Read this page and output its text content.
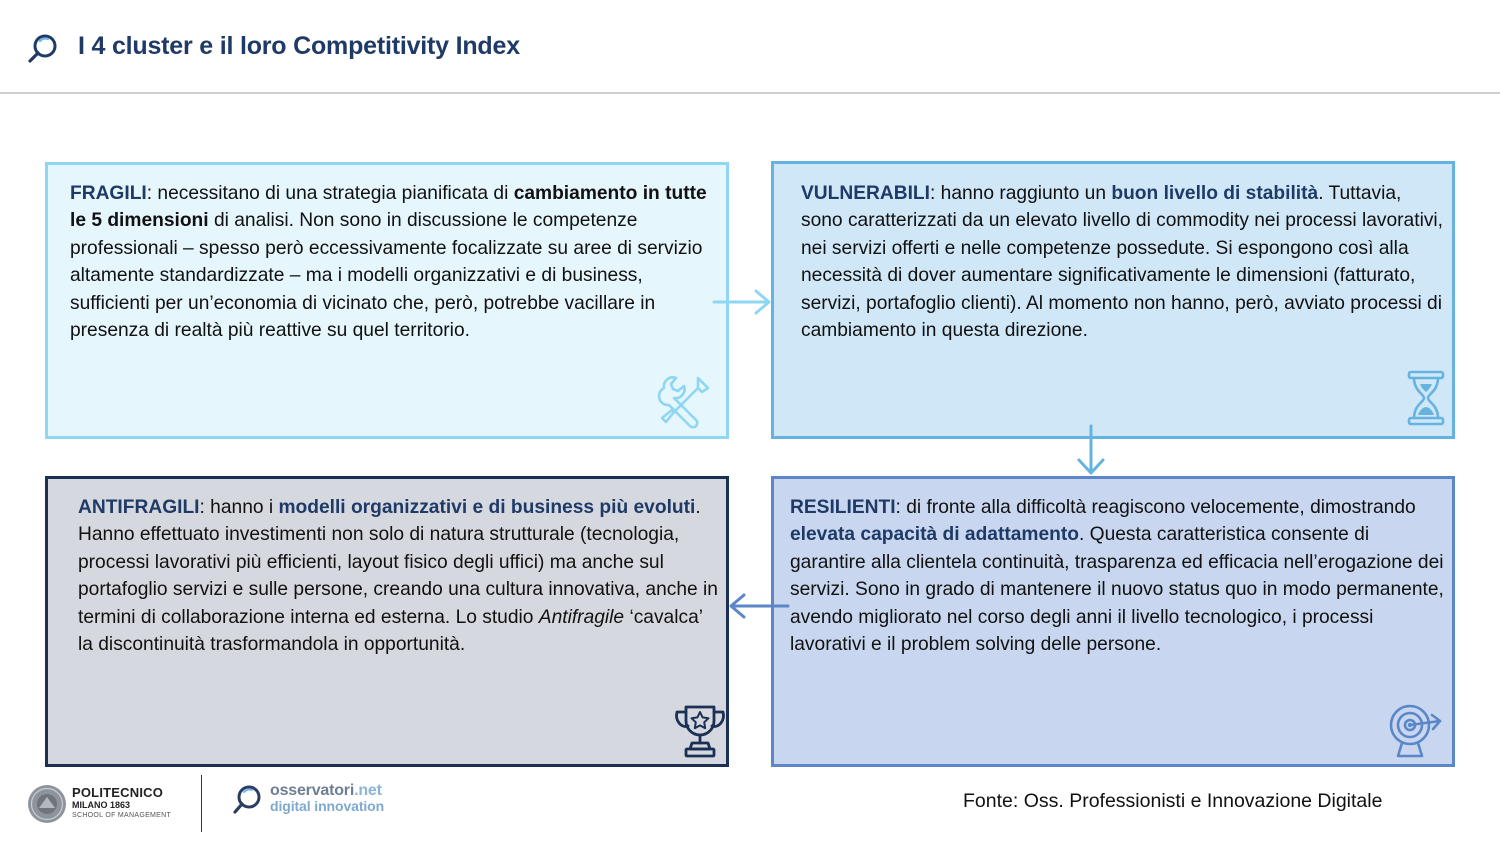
I 4 cluster e il loro Competitivity Index
FRAGILI: necessitano di una strategia pianificata di cambiamento in tutte le 5 dimensioni di analisi. Non sono in discussione le competenze professionali – spesso però eccessivamente focalizzate su aree di servizio altamente standardizzate – ma i modelli organizzativi e di business, sufficienti per un’economia di vicinato che, però, potrebbe vacillare in presenza di realtà più reattive su quel territorio.
VULNERABILI: hanno raggiunto un buon livello di stabilità. Tuttavia, sono caratterizzati da un elevato livello di commodity nei processi lavorativi, nei servizi offerti e nelle competenze possedute. Si espongono così alla necessità di dover aumentare significativamente le dimensioni (fatturato, servizi, portafoglio clienti). Al momento non hanno, però, avviato processi di cambiamento in questa direzione.
ANTIFRAGILI: hanno i modelli organizzativi e di business più evoluti. Hanno effettuato investimenti non solo di natura strutturale (tecnologia, processi lavorativi più efficienti, layout fisico degli uffici) ma anche sul portafoglio servizi e sulle persone, creando una cultura innovativa, anche in termini di collaborazione interna ed esterna. Lo studio Antifragile ‘cavalca’ la discontinuità trasformandola in opportunità.
RESILIENTI: di fronte alla difficoltà reagiscono velocemente, dimostrando elevata capacità di adattamento. Questa caratteristica consente di garantire alla clientela continuità, trasparenza ed efficacia nell’erogazione dei servizi. Sono in grado di mantenere il nuovo status quo in modo permanente, avendo migliorato nel corso degli anni il livello tecnologico, i processi lavorativi e il problem solving delle persone.
POLITECNICO
MILANO 1863
SCHOOL OF MANAGEMENT
osservatori.net
digital innovation	Fonte: Oss. Professionisti e Innovazione Digitale
